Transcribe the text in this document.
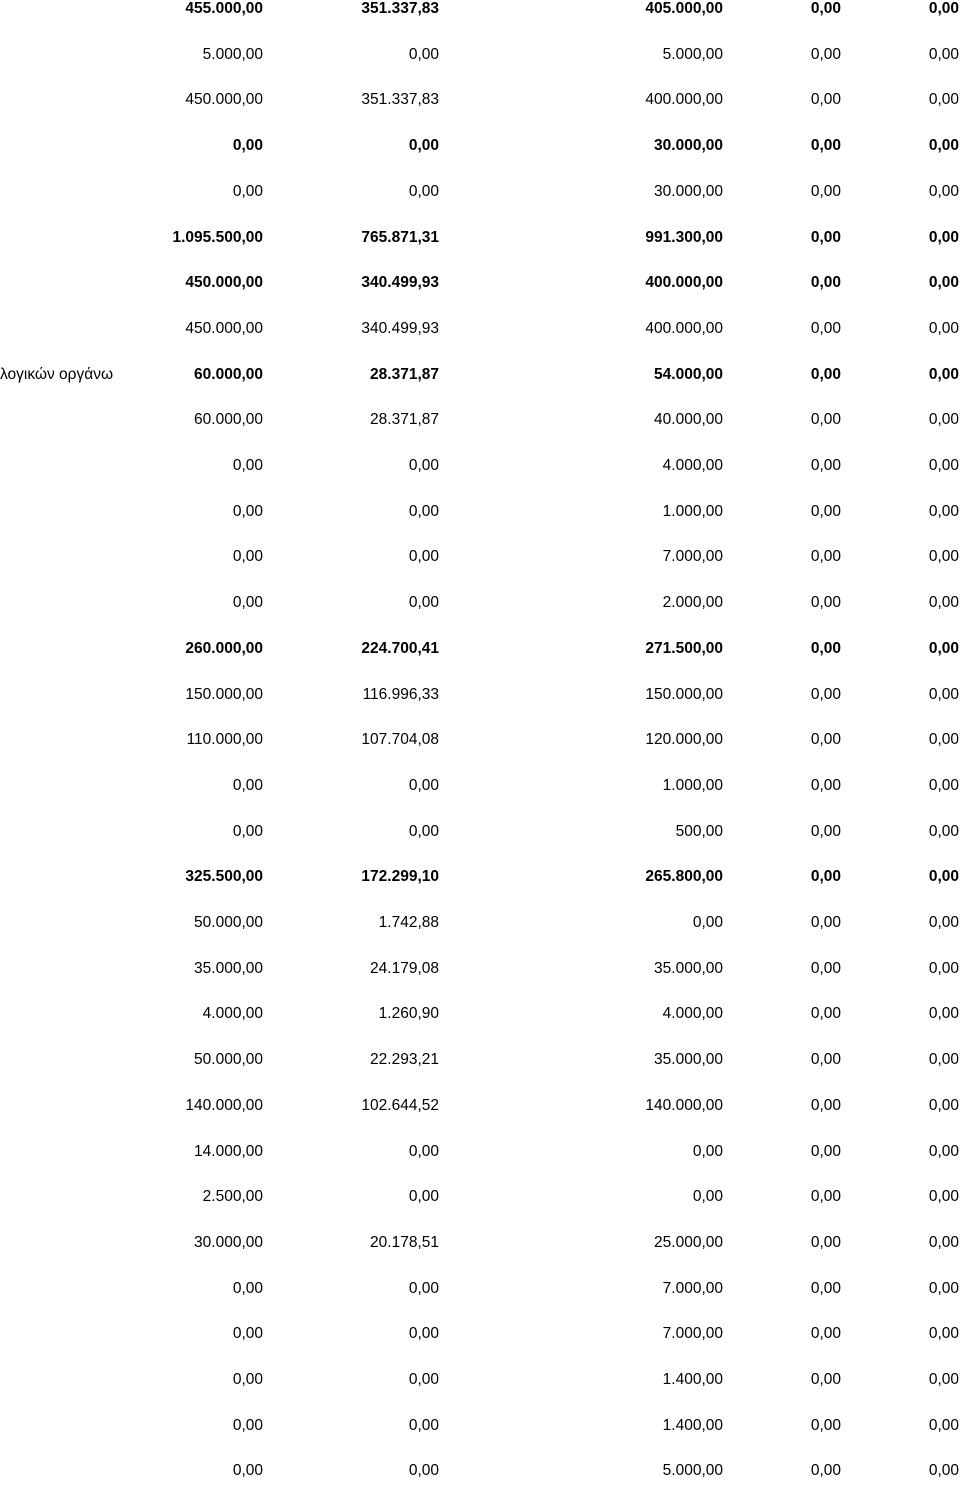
455.000,00	351.337,83	405.000,00	0,00	0,00
5.000,00	0,00	5.000,00	0,00	0,00
450.000,00	351.337,83	400.000,00	0,00	0,00
0,00	0,00	30.000,00	0,00	0,00
0,00	0,00	30.000,00	0,00	0,00
1.095.500,00	765.871,31	991.300,00	0,00	0,00
450.000,00	340.499,93	400.000,00	0,00	0,00
450.000,00	340.499,93	400.000,00	0,00	0,00
λογικών οργάνω	60.000,00	28.371,87	54.000,00	0,00	0,00
60.000,00	28.371,87	40.000,00	0,00	0,00
0,00	0,00	4.000,00	0,00	0,00
0,00	0,00	1.000,00	0,00	0,00
0,00	0,00	7.000,00	0,00	0,00
0,00	0,00	2.000,00	0,00	0,00
260.000,00	224.700,41	271.500,00	0,00	0,00
150.000,00	116.996,33	150.000,00	0,00	0,00
110.000,00	107.704,08	120.000,00	0,00	0,00
0,00	0,00	1.000,00	0,00	0,00
0,00	0,00	500,00	0,00	0,00
325.500,00	172.299,10	265.800,00	0,00	0,00
50.000,00	1.742,88	0,00	0,00	0,00
35.000,00	24.179,08	35.000,00	0,00	0,00
4.000,00	1.260,90	4.000,00	0,00	0,00
50.000,00	22.293,21	35.000,00	0,00	0,00
140.000,00	102.644,52	140.000,00	0,00	0,00
14.000,00	0,00	0,00	0,00	0,00
2.500,00	0,00	0,00	0,00	0,00
30.000,00	20.178,51	25.000,00	0,00	0,00
0,00	0,00	7.000,00	0,00	0,00
0,00	0,00	7.000,00	0,00	0,00
0,00	0,00	1.400,00	0,00	0,00
0,00	0,00	1.400,00	0,00	0,00
0,00	0,00	5.000,00	0,00	0,00
